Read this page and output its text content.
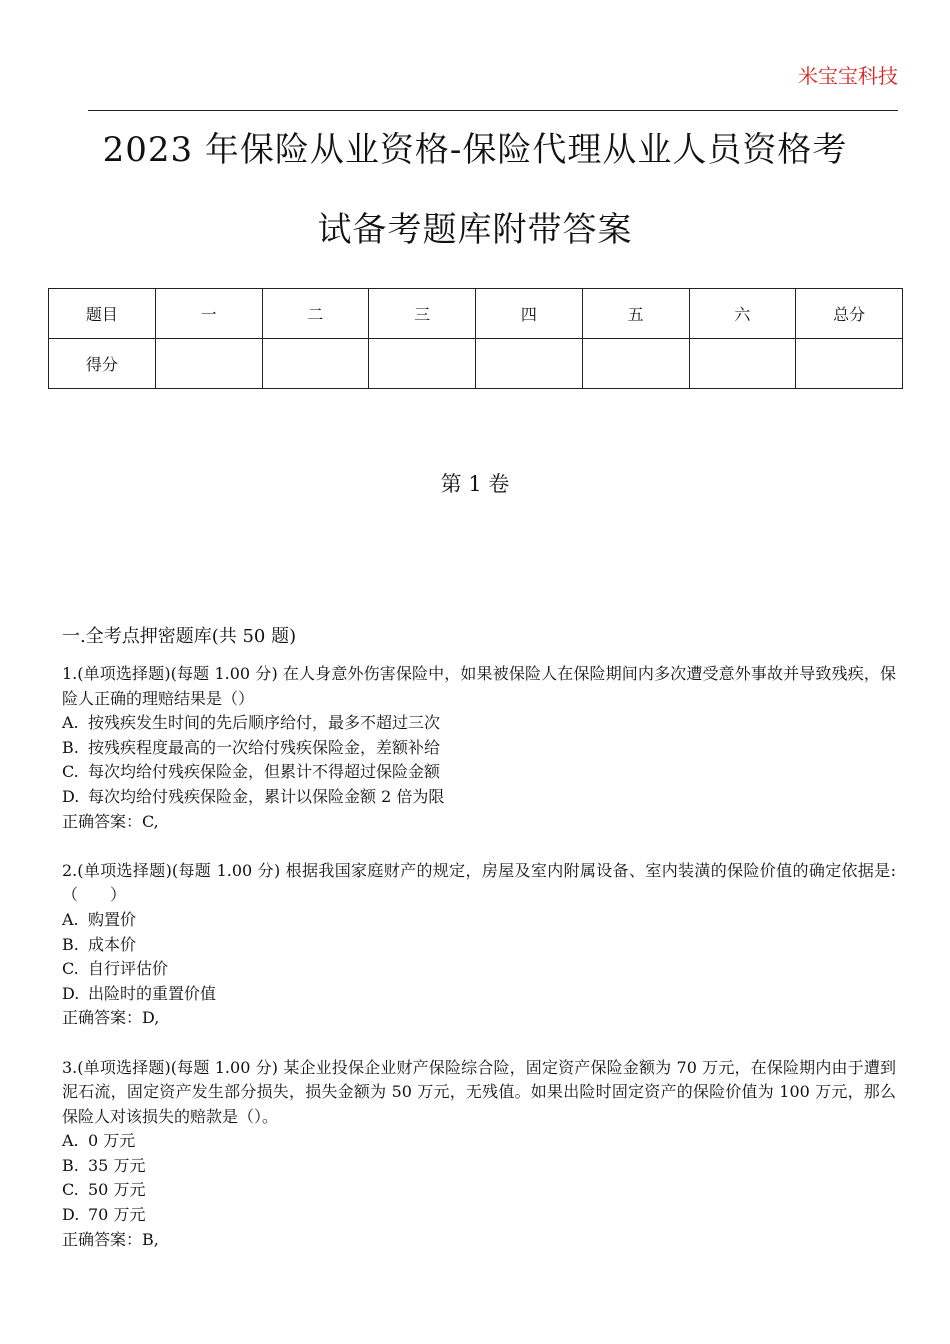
米宝宝科技
2023 年保险从业资格-保险代理从业人员资格考
试备考题库附带答案
题目	一	二	三	四	五	六	总分
得分							
第 1 卷
一.全考点押密题库(共 50 题)
1.(单项选择题)(每题 1.00 分) 在人身意外伤害保险中，如果被保险人在保险期间内多次遭受意外事故并导致残疾，保险人正确的理赔结果是（）
A. 按残疾发生时间的先后顺序给付，最多不超过三次
B. 按残疾程度最高的一次给付残疾保险金，差额补给
C. 每次均给付残疾保险金，但累计不得超过保险金额
D. 每次均给付残疾保险金，累计以保险金额 2 倍为限
正确答案：C,
2.(单项选择题)(每题 1.00 分) 根据我国家庭财产的规定，房屋及室内附属设备、室内装潢的保险价值的确定依据是:（　　）
A. 购置价
B. 成本价
C. 自行评估价
D. 出险时的重置价值
正确答案：D,
3.(单项选择题)(每题 1.00 分) 某企业投保企业财产保险综合险，固定资产保险金额为 70 万元，在保险期内由于遭到泥石流，固定资产发生部分损失，损失金额为 50 万元，无残值。如果出险时固定资产的保险价值为 100 万元，那么保险人对该损失的赔款是（）。
A. 0 万元
B. 35 万元
C. 50 万元
D. 70 万元
正确答案：B,
